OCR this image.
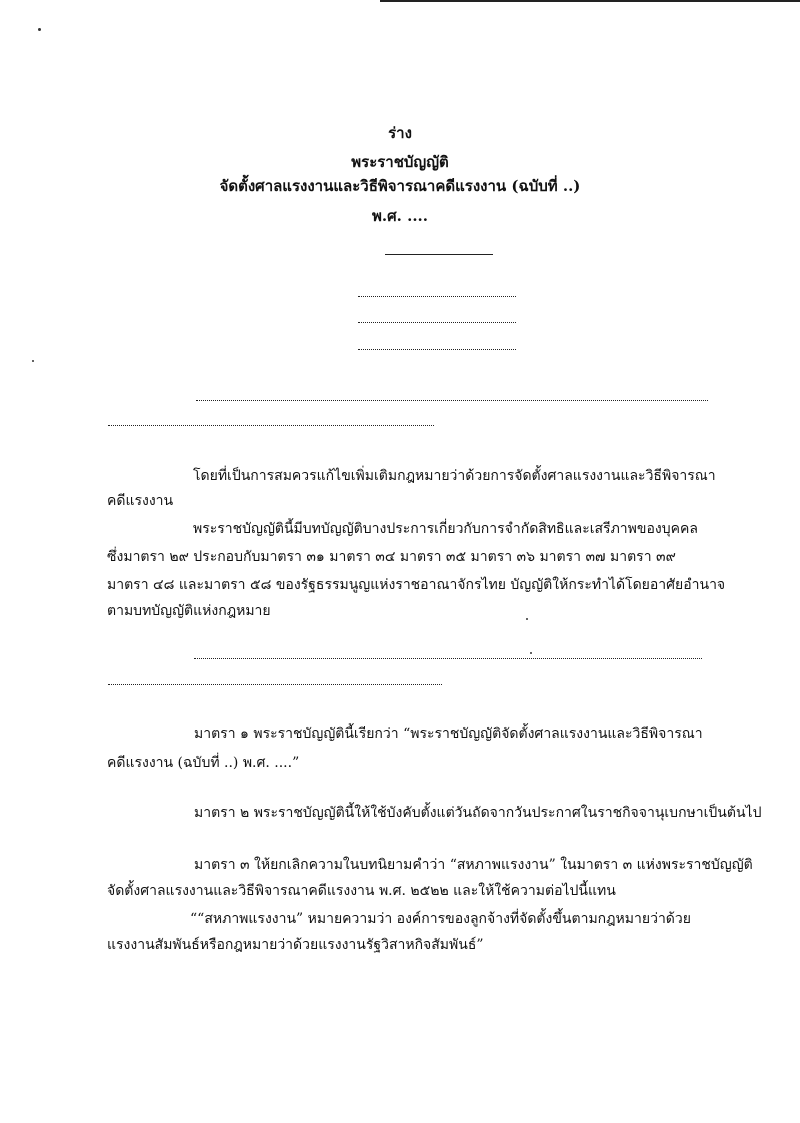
ร่าง
พระราชบัญญัติ
จัดตั้งศาลแรงงานและวิธีพิจารณาคดีแรงงาน (ฉบับที่ ..)
พ.ศ. ....
โดยที่เป็นการสมควรแก้ไขเพิ่มเติมกฎหมายว่าด้วยการจัดตั้งศาลแรงงานและวิธีพิจารณา
คดีแรงงาน
พระราชบัญญัตินี้มีบทบัญญัติบางประการเกี่ยวกับการจำกัดสิทธิและเสรีภาพของบุคคล
ซึ่งมาตรา ๒๙ ประกอบกับมาตรา ๓๑ มาตรา ๓๔ มาตรา ๓๕ มาตรา ๓๖ มาตรา ๓๗ มาตรา ๓๙
มาตรา ๔๘ และมาตรา ๕๘ ของรัฐธรรมนูญแห่งราชอาณาจักรไทย บัญญัติให้กระทำได้โดยอาศัยอำนาจ
ตามบทบัญญัติแห่งกฎหมาย
มาตรา ๑ พระราชบัญญัตินี้เรียกว่า “พระราชบัญญัติจัดตั้งศาลแรงงานและวิธีพิจารณา
คดีแรงงาน (ฉบับที่ ..) พ.ศ. ....”
มาตรา ๒ พระราชบัญญัตินี้ให้ใช้บังคับตั้งแต่วันถัดจากวันประกาศในราชกิจจานุเบกษาเป็นต้นไป
มาตรา ๓ ให้ยกเลิกความในบทนิยามคำว่า “สหภาพแรงงาน” ในมาตรา ๓ แห่งพระราชบัญญัติ
จัดตั้งศาลแรงงานและวิธีพิจารณาคดีแรงงาน พ.ศ. ๒๕๒๒ และให้ใช้ความต่อไปนี้แทน
““สหภาพแรงงาน” หมายความว่า องค์การของลูกจ้างที่จัดตั้งขึ้นตามกฎหมายว่าด้วย
แรงงานสัมพันธ์หรือกฎหมายว่าด้วยแรงงานรัฐวิสาหกิจสัมพันธ์”
